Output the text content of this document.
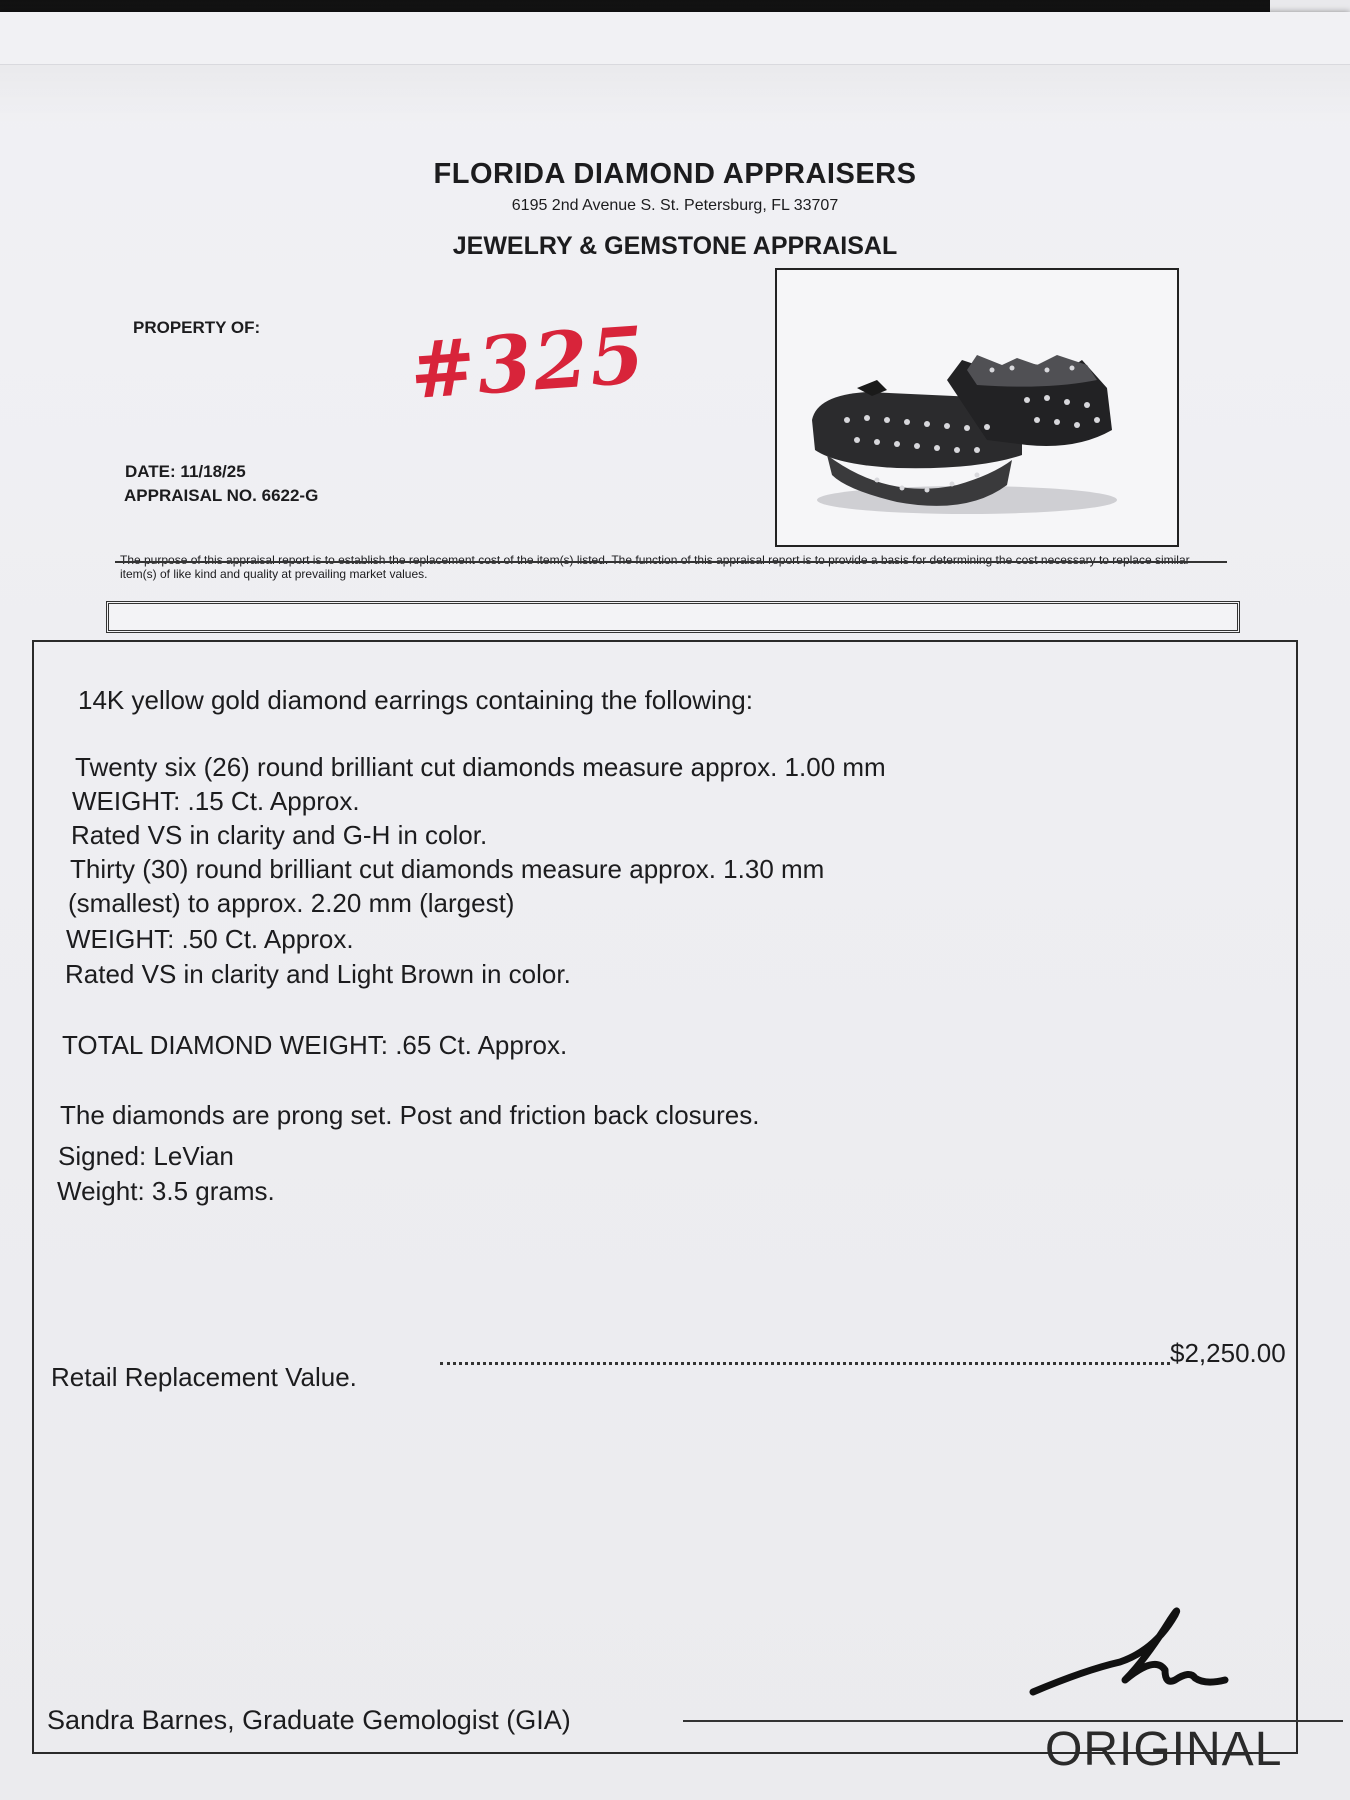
FLORIDA DIAMOND APPRAISERS
6195 2nd Avenue S. St. Petersburg, FL 33707
JEWELRY & GEMSTONE APPRAISAL
PROPERTY OF: #325
DATE: 11/18/25
APPRAISAL NO. 6622-G
The purpose of this appraisal report is to establish the replacement cost of the item(s) listed. The function of this appraisal report is to provide a basis for determining the cost necessary to replace similar item(s) of like kind and quality at prevailing market values.
14K yellow gold diamond earrings containing the following:
Twenty six (26) round brilliant cut diamonds measure approx. 1.00 mm
WEIGHT: .15 Ct. Approx.
Rated VS in clarity and G-H in color.
Thirty (30) round brilliant cut diamonds measure approx. 1.30 mm
(smallest) to approx. 2.20 mm (largest)
WEIGHT: .50 Ct. Approx.
Rated VS in clarity and Light Brown in color.
TOTAL DIAMOND WEIGHT: .65 Ct. Approx.
The diamonds are prong set. Post and friction back closures.
Signed: LeVian
Weight: 3.5 grams.
Retail Replacement Value.
$2,250.00
Sandra Barnes, Graduate Gemologist (GIA)
ORIGINAL
